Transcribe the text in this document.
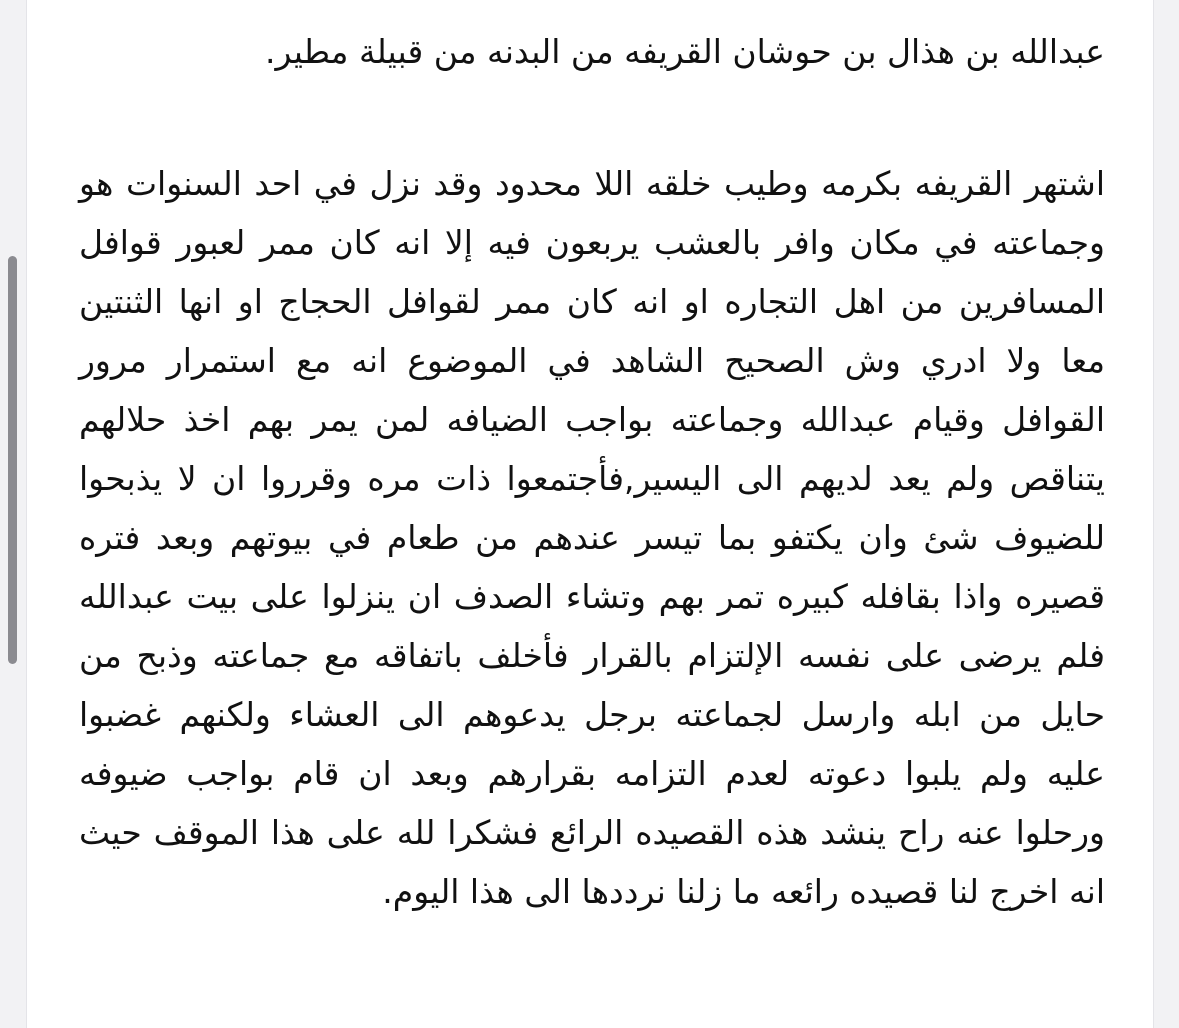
عبدالله بن هذال بن حوشان القريفه من البدنه من قبيلة مطير.

اشتهر القريفه بكرمه وطيب خلقه اللا محدود وقد نزل في احد السنوات هو
وجماعته في مكان وافر بالعشب يربعون فيه إلا انه كان ممر لعبور قوافل
المسافرين من اهل التجاره او انه كان ممر لقوافل الحجاج او انها الثنتين
معا ولا ادري وش الصحيح الشاهد في الموضوع انه مع استمرار مرور
القوافل وقيام عبدالله وجماعته بواجب الضيافه لمن يمر بهم اخذ حلالهم
يتناقص ولم يعد لديهم الى اليسير,فأجتمعوا ذات مره وقرروا ان لا يذبحوا
للضيوف شئ وان يكتفو بما تيسر عندهم من طعام في بيوتهم وبعد فتره
قصيره واذا بقافله كبيره تمر بهم وتشاء الصدف ان ينزلوا على بيت عبدالله
فلم يرضى على نفسه الإلتزام بالقرار فأخلف باتفاقه مع جماعته وذبح من
حايل من ابله وارسل لجماعته برجل يدعوهم الى العشاء ولكنهم غضبوا
عليه ولم يلبوا دعوته لعدم التزامه بقرارهم وبعد ان قام بواجب ضيوفه
ورحلوا عنه راح ينشد هذه القصيده الرائع فشكرا لله على هذا الموقف حيث
انه اخرج لنا قصيده رائعه ما زلنا نرددها الى هذا اليوم.
